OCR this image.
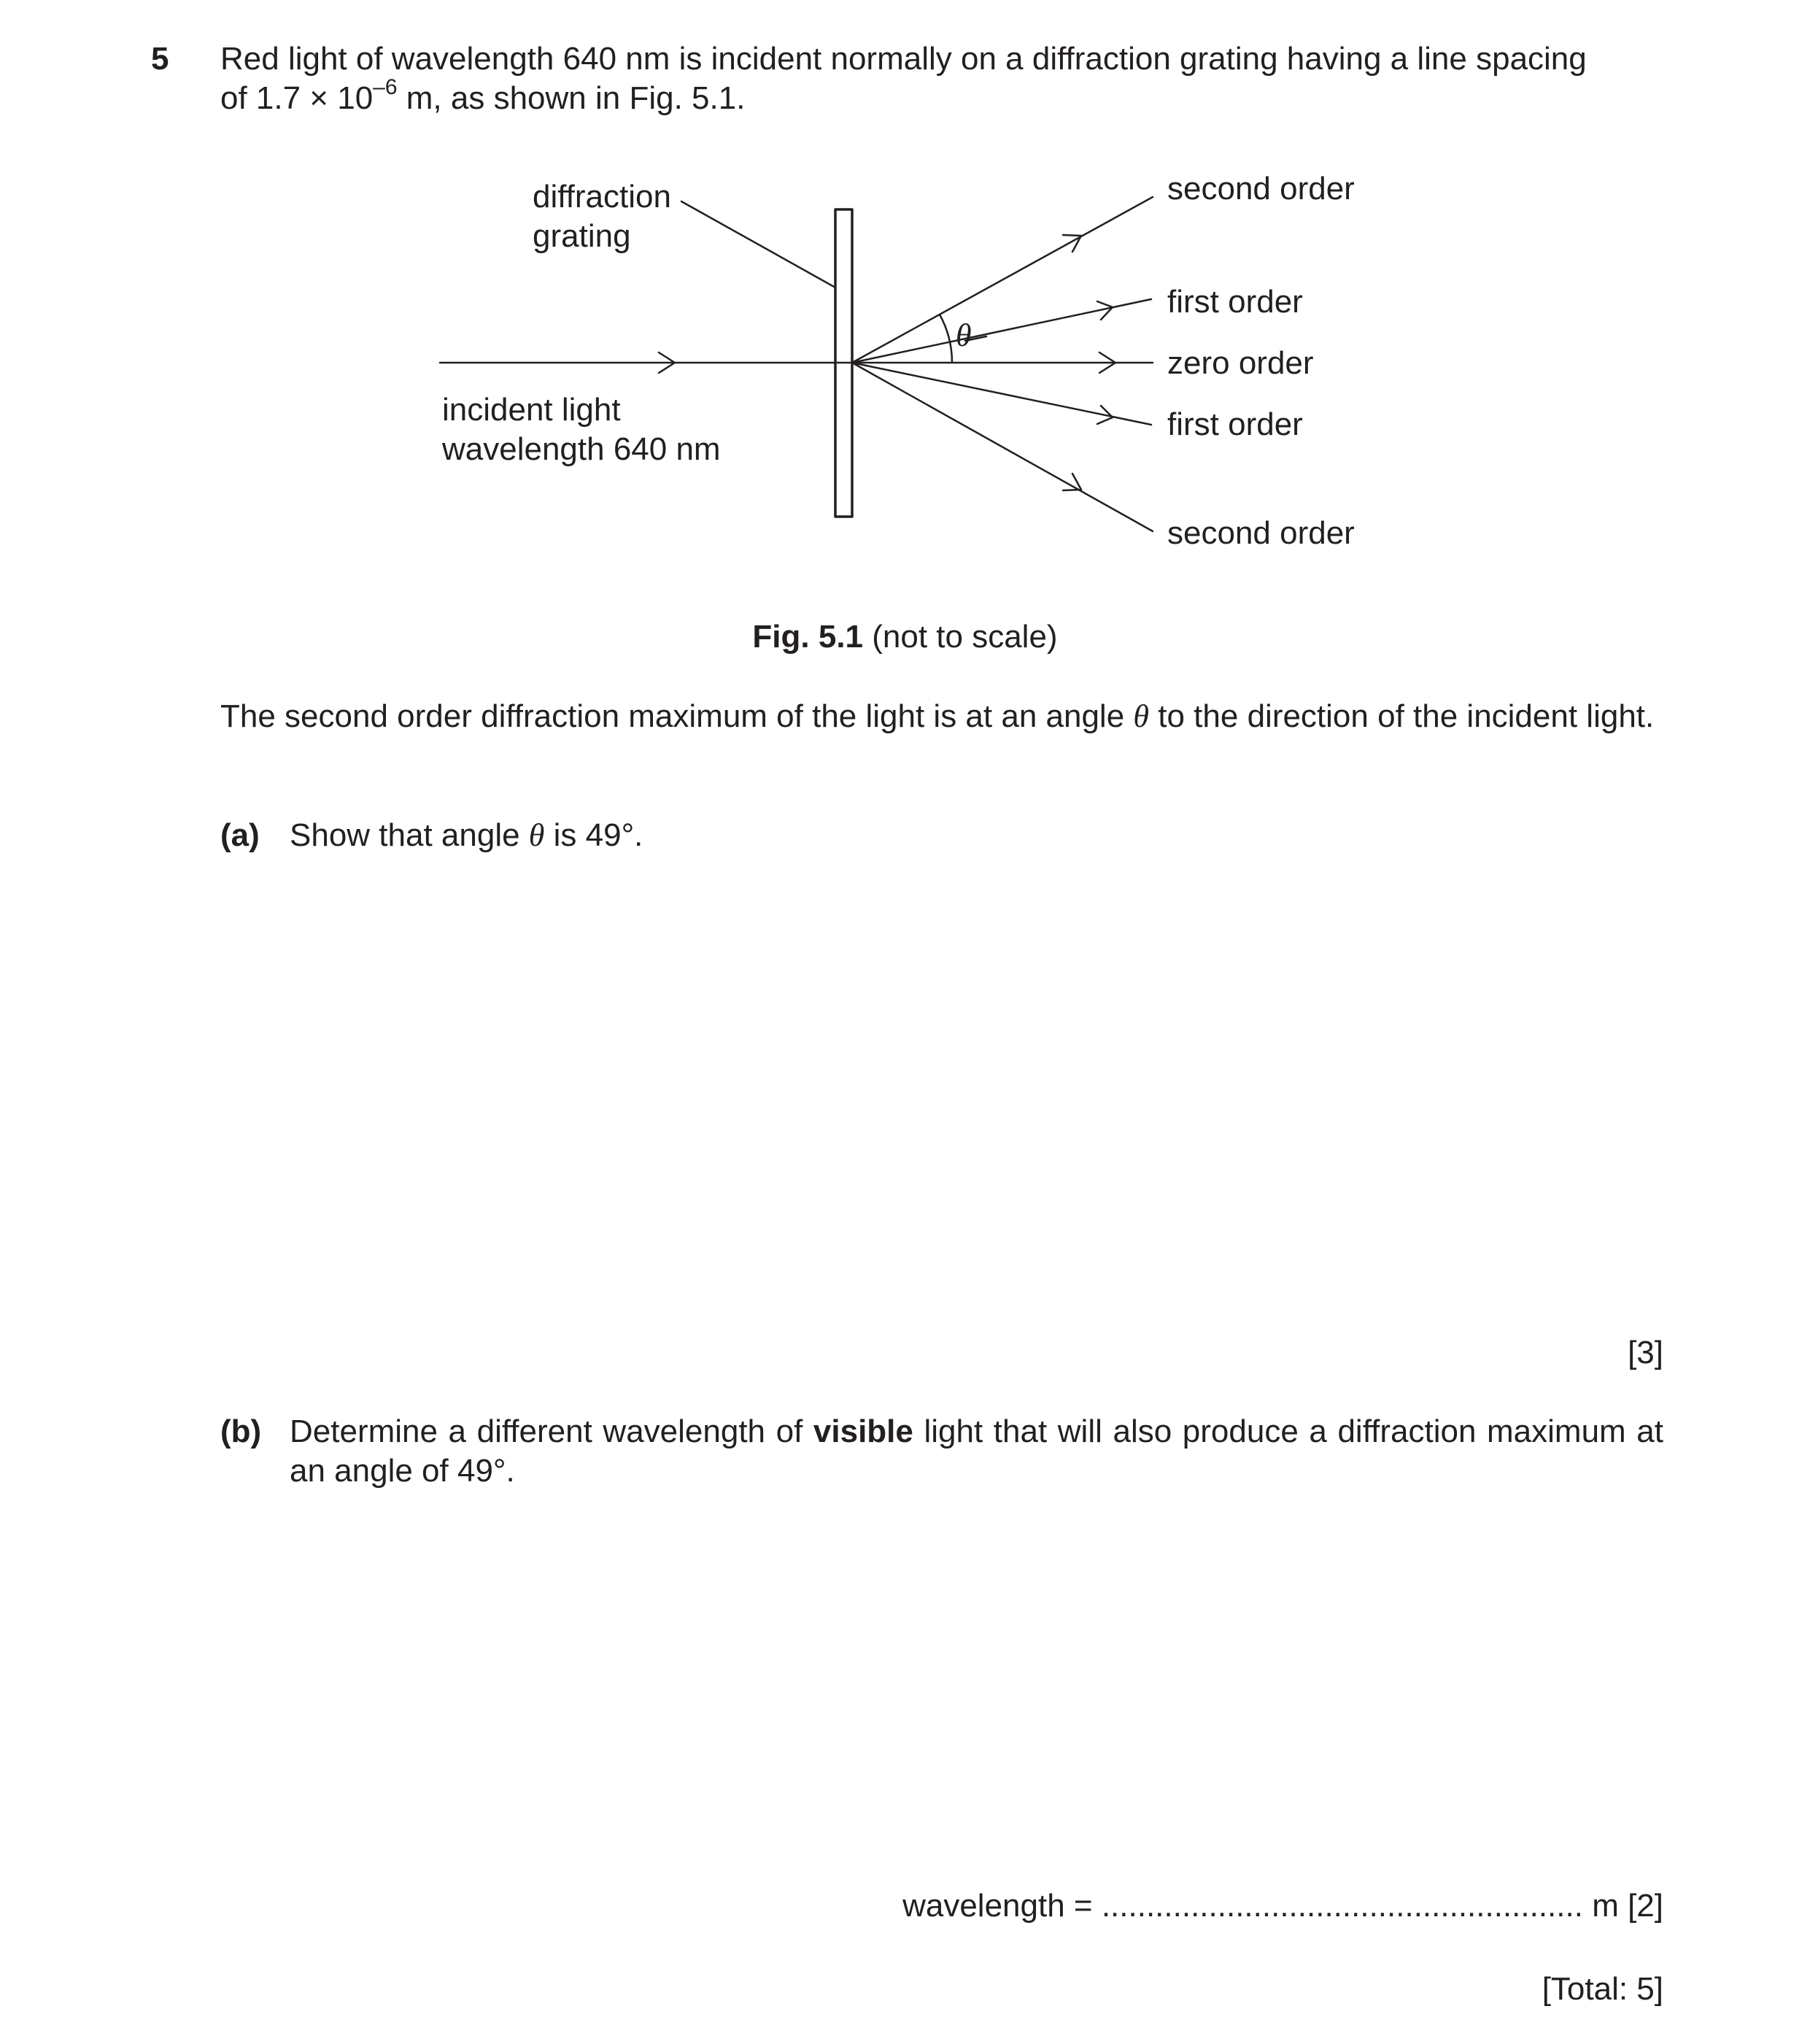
5 Red light of wavelength 640 nm is incident normally on a diffraction grating having a line spacing
of $1.7 \times 10^{-6}$ m, as shown in Fig. 5.1.
diffraction
grating
incident light
wavelength 640 nm
θ
second order
first order
zero order
first order
second order
Fig. 5.1 (not to scale)
The second order diffraction maximum of the light is at an angle θ to the direction of the incident light.
(a) Show that angle θ is 49°.
[3]
(b) Determine a different wavelength of visible light that will also produce a diffraction maximum at an angle of 49°.
wavelength = ...................................................... m [2]
[Total: 5]
